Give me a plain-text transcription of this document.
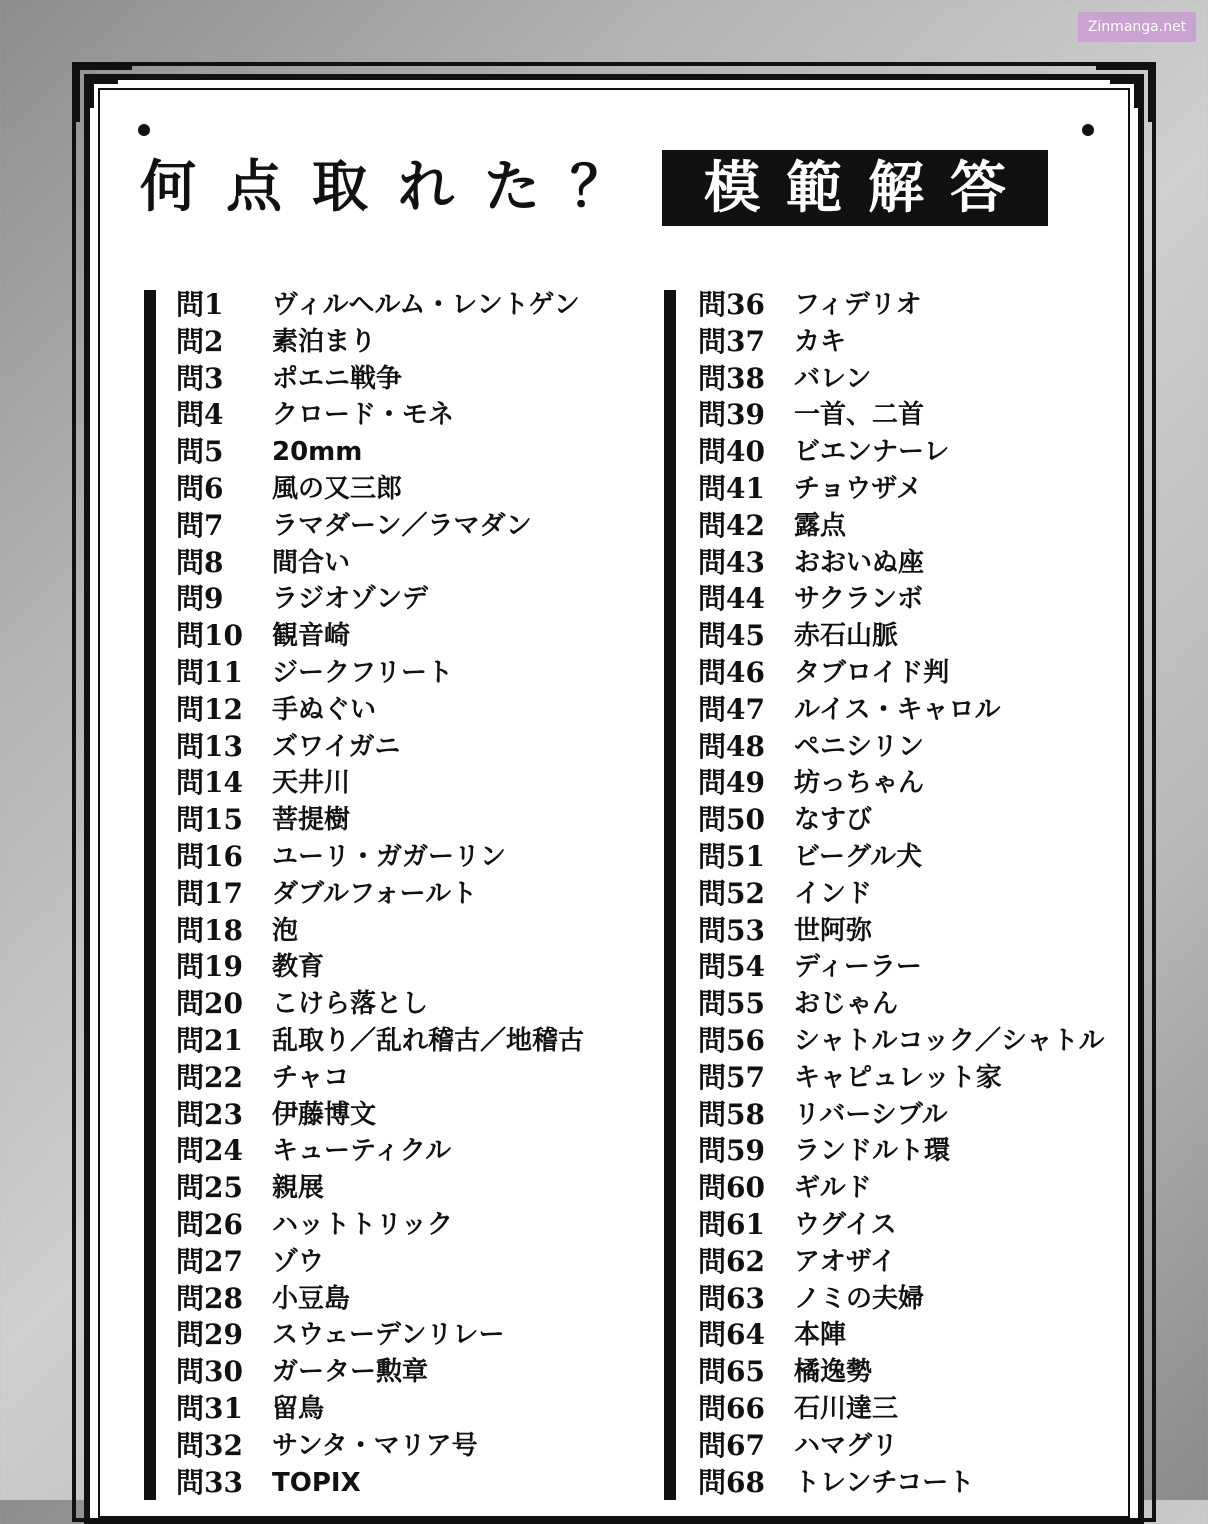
Zinmanga.net
何点取れた？ 模範解答
問1 ヴィルヘルム・レントゲン
問2 素泊まり
問3 ポエニ戦争
問4 クロード・モネ
問5 20mm
問6 風の又三郎
問7 ラマダーン／ラマダン
問8 間合い
問9 ラジオゾンデ
問10 観音崎
問11 ジークフリート
問12 手ぬぐい
問13 ズワイガニ
問14 天井川
問15 菩提樹
問16 ユーリ・ガガーリン
問17 ダブルフォールト
問18 泡
問19 教育
問20 こけら落とし
問21 乱取り／乱れ稽古／地稽古
問22 チャコ
問23 伊藤博文
問24 キューティクル
問25 親展
問26 ハットトリック
問27 ゾウ
問28 小豆島
問29 スウェーデンリレー
問30 ガーター勲章
問31 留鳥
問32 サンタ・マリア号
問33 TOPIX
問36 フィデリオ
問37 カキ
問38 バレン
問39 一首、二首
問40 ビエンナーレ
問41 チョウザメ
問42 露点
問43 おおいぬ座
問44 サクランボ
問45 赤石山脈
問46 タブロイド判
問47 ルイス・キャロル
問48 ペニシリン
問49 坊っちゃん
問50 なすび
問51 ビーグル犬
問52 インド
問53 世阿弥
問54 ディーラー
問55 おじゃん
問56 シャトルコック／シャトル
問57 キャピュレット家
問58 リバーシブル
問59 ランドルト環
問60 ギルド
問61 ウグイス
問62 アオザイ
問63 ノミの夫婦
問64 本陣
問65 橘逸勢
問66 石川達三
問67 ハマグリ
問68 トレンチコート
